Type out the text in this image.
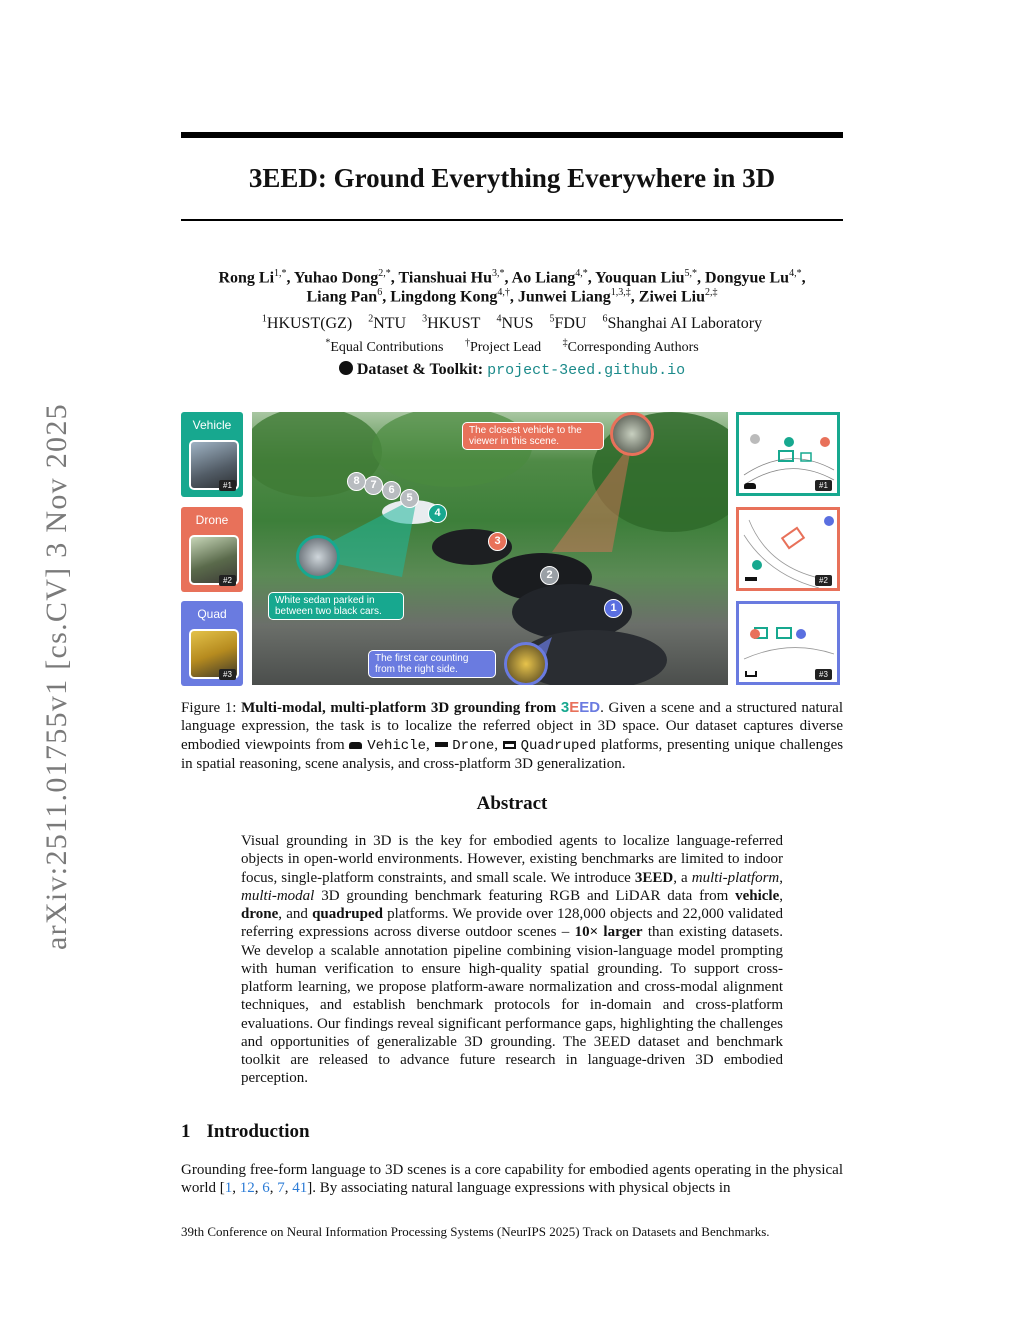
arXiv:2511.01755v1 [cs.CV] 3 Nov 2025
3EED: Ground Everything Everywhere in 3D
Rong $Li^{1,*}$, Yuhao Dong$^{2,*}$, Tianshuai $Hu^{3,*}$, Ao Liang$^{4,*}$, Youquan Liu$^{5,*}$, Dongyue $Lu^{4,*}$,
Liang Pan$^6$, Lingdong Kong$^{4,\dagger}$, Junwei Liang$^{1,3,\ddagger}$, Ziwei Liu$^{2,\ddagger}$
$^1$HKUST(GZ) $^2$NTU $^3$HKUST $^4$NUS $^5$FDU $^6$Shanghai AI Laboratory
*Equal Contributions †Project Lead ‡Corresponding Authors
Dataset & Toolkit: project-3eed.github.io
Vehicle
#1
Drone
#2
Quad
#3
The closest vehicle to the viewer in this scene.
White sedan parked in between two black cars.
The first car counting from the right side.
1
2
3
4
5
6
7
8	#1
#2
#3
Figure 1: Multi-modal, multi-platform 3D grounding from 3EED. Given a scene and a structured natural language expression, the task is to localize the referred object in 3D space. Our dataset captures diverse embodied viewpoints from Vehicle,  Drone,  Quadruped platforms, presenting unique challenges in spatial reasoning, scene analysis, and cross-platform 3D generalization.
Abstract
Visual grounding in 3D is the key for embodied agents to localize language-referred objects in open-world environments. However, existing benchmarks are limited to indoor focus, single-platform constraints, and small scale. We introduce 3EED, a multi-platform, multi-modal 3D grounding benchmark featuring RGB and LiDAR data from vehicle, drone, and quadruped platforms. We provide over 128,000 objects and 22,000 validated referring expressions across diverse outdoor scenes – 10× larger than existing datasets. We develop a scalable annotation pipeline combining vision-language model prompting with human verification to ensure high-quality spatial grounding. To support cross-platform learning, we propose platform-aware normalization and cross-modal alignment techniques, and establish benchmark protocols for in-domain and cross-platform evaluations. Our findings reveal significant performance gaps, highlighting the challenges and opportunities of generalizable 3D grounding. The 3EED dataset and benchmark toolkit are released to advance future research in language-driven 3D embodied perception.
1 Introduction
Grounding free-form language to 3D scenes is a core capability for embodied agents operating in the physical world [1, 12, 6, 7, 41]. By associating natural language expressions with physical objects in
39th Conference on Neural Information Processing Systems (NeurIPS 2025) Track on Datasets and Benchmarks.
